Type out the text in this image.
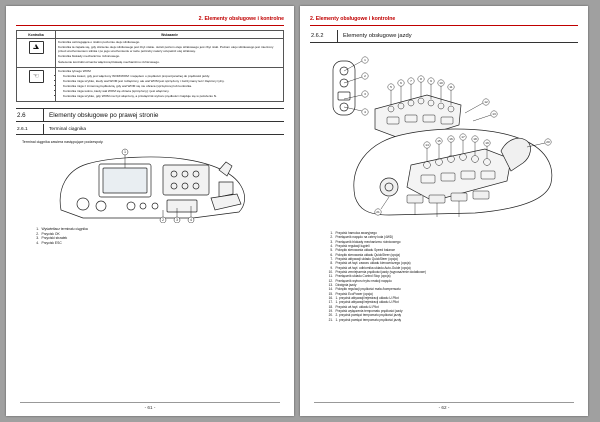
2. Elementy obsługowe i kontrolne
Kontrolka	Wskazanie

	Kontrolka ostrzegająca o niskim poziomie oleju silnikowego.

Kontrolka ta zapala się, gdy ciśnienie oleju silnikowego jest zbyt niskie. Jeżeli poziom oleju silnikowego jest zbyt niski. Poziom oleju silnikowego jest mierzony przed uruchomieniem silnika i po jego uruchomieniu w razie potrzeby należy uzupełnić olej silnikowy.

Kontrolka blokady mechanizmu różnicowego.

Świecenie kontrolki oznacza włączoną blokadę mechanizmu różnicowego.

☜	

Kontrolka tylnego WOM

• Kontrolka świeci, gdy jest włączony WOM/WOM i napędem o prędkości proporcjonalnej do prędkości jazdy.
• Kontrolka miga szybko, kiedy wał WOM jest rozłączony, ale wał WOM jest sprzężony i zatrzymany lecz złączony tylny.
• Kontrolka miga z zmienną prędkością, gdy wał WOM się nie obraca (sprzężone) lub kontrolka.
• Kontrolka miga wolno, kiedy wał WOM się obraca (sprzężony) i jest włączony.
• Kontrolka miga szybko, gdy WOM ma być włączony, a przełącznik wyboru prędkości znajduje się w położeniu N.
2.6	Elementy obsługowe po prawej stronie
2.6.1	Terminal ciągnika
Terminal ciągnika zawiera następujące podzespoły.
1
2	3	4
1. Wyświetlacz terminalu ciągnika
2. Przycisk OK
3. Przyciski strzałek
4. Przycisk ESC
- 61 -
2. Elementy obsługowe i kontrolne
2.6.2	Elementy obsługowe jazdy
1
2
3
4
5
6	7	8	9 10
11
12
13
14
15	16	17	18
19	20
21
1. Przycisk hamulca awaryjnego
2. Przełącznik napędu na cztery koła (4WD)
3. Przełącznik blokady mechanizmu różnicowego
4. Przycisk regulacji kąpieli
5. Pokrętło sterowania układu Speed balance
6. Pokrętło sterowania układu QuickSteer (opcja)
7. Przycisk aktywacji układu QuickSteer (opcja)
8. Przycisk wł./wył. zaworu układu kierowniczego (opcja)
9. Przycisk wł./wył. odbiornika układu Auto-Guide (opcja)
10. Przycisk zmniejszenia prędkości jazdy (wyposażenie dodatkowe)
11. Przełącznik układu Control Stop (opcja)
12. Przełącznik wyboru trybu reakcji napędu
13. Dźwignia jazdy
14. Pokrętło regulacji prędkości mała /kompensatu
15. Przycisk EcoPower (opcja)
16. 1. przycisk aktywacji/rejestracji układu U-Pilot
17. 1. przycisk aktywacji/rejestracji układu U-Pilot
18. Przycisk wł./wył. układu U-Pilot
19. Przycisk wyłączenia tempomatu prędkości jazdy
20. 2. przycisk pamięci tempomatu prędkości jazdy
21. 1. przycisk pamięci tempomatu prędkości jazdy
- 62 -
